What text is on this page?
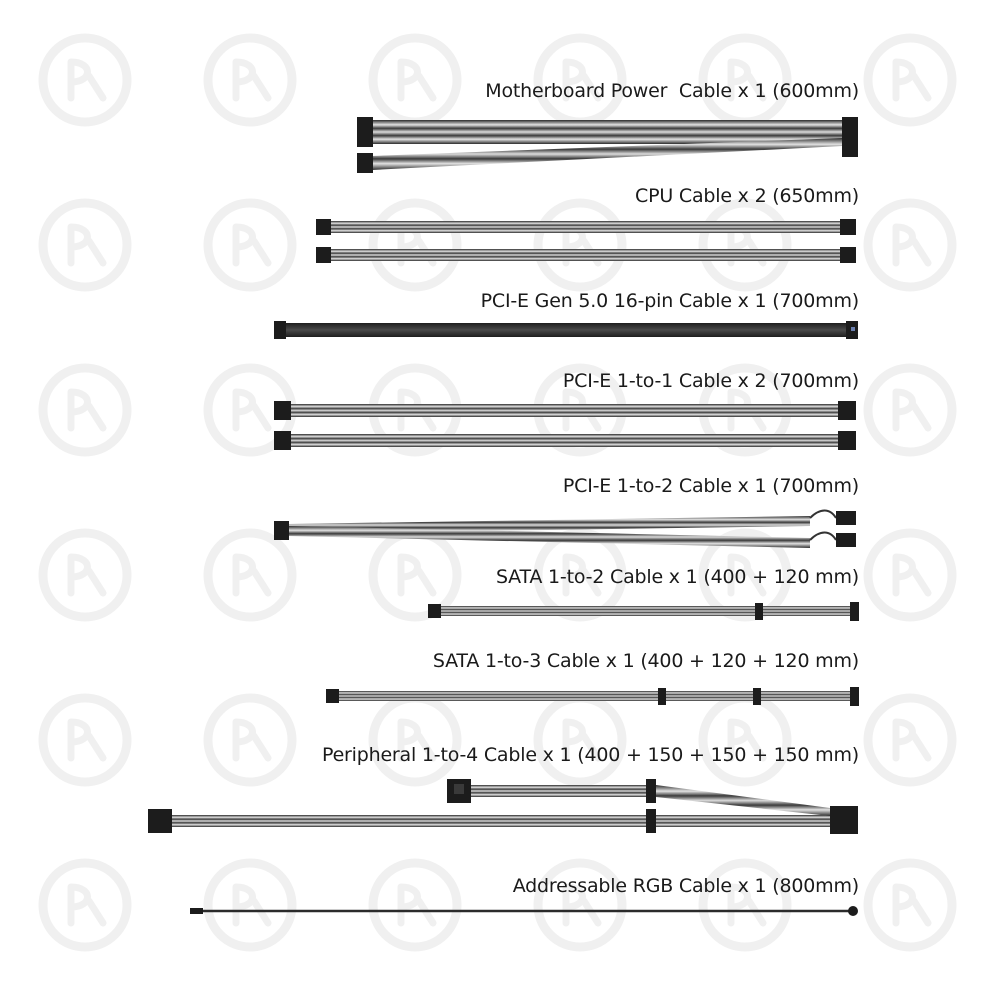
Motherboard Power  Cable x 1 (600mm)
CPU Cable x 2 (650mm)
PCI-E Gen 5.0 16-pin Cable x 1 (700mm)
PCI-E 1-to-1 Cable x 2 (700mm)
PCI-E 1-to-2 Cable x 1 (700mm)
SATA 1-to-2 Cable x 1 (400 + 120 mm)
SATA 1-to-3 Cable x 1 (400 + 120 + 120 mm)
Peripheral 1-to-4 Cable x 1 (400 + 150 + 150 + 150 mm)
Addressable RGB Cable x 1 (800mm)
